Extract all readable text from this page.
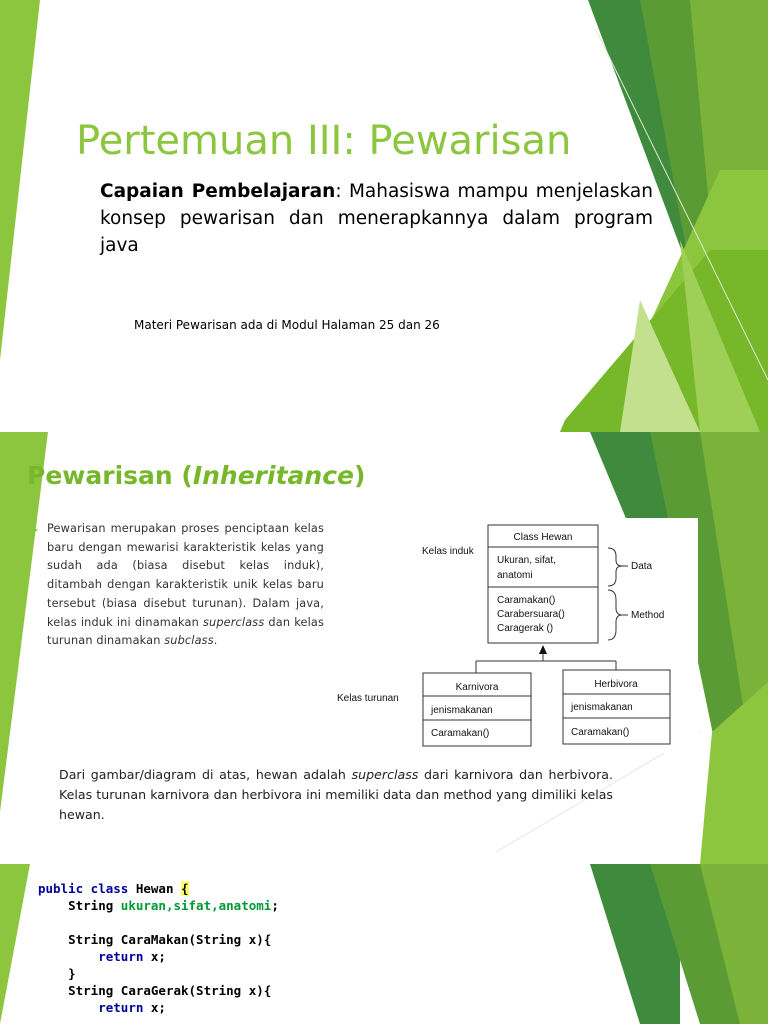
Pertemuan III: Pewarisan
Capaian Pembelajaran: Mahasiswa mampu menjelaskan konsep pewarisan dan menerapkannya dalam program java
Materi Pewarisan ada di Modul Halaman 25 dan 26
Pewarisan (Inheritance)
Pewarisan merupakan proses penciptaan kelas baru dengan mewarisi karakteristik kelas yang sudah ada (biasa disebut kelas induk), ditambah dengan karakteristik unik kelas baru tersebut (biasa disebut turunan). Dalam java, kelas induk ini dinamakan superclass dan kelas turunan dinamakan subclass.
Class Hewan
Ukuran, sifat,
anatomi
Caramakan()
Carabersuara()
Caragerak ()
Data
Method
Kelas induk
Kelas turunan
Karnivora
jenismakanan
Caramakan()
Herbivora
jenismakanan
Caramakan()
Dari gambar/diagram di atas, hewan adalah superclass dari karnivora dan herbivora. Kelas turunan karnivora dan herbivora ini memiliki data dan method yang dimiliki kelas hewan.
public class Hewan {
String ukuran,sifat,anatomi;

String CaraMakan(String x){
return x;
}
String CaraGerak(String x){
return x;
